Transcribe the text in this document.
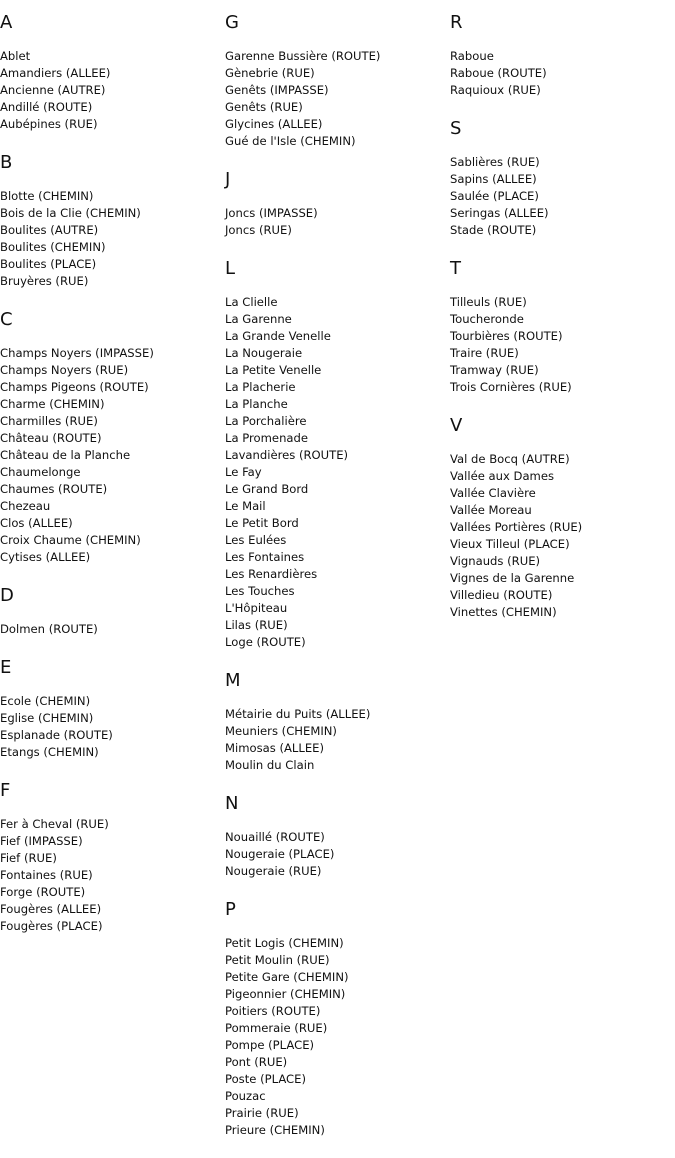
A
Ablet
Amandiers (ALLEE)
Ancienne (AUTRE)
Andillé (ROUTE)
Aubépines (RUE)
B
Blotte (CHEMIN)
Bois de la Clie (CHEMIN)
Boulites (AUTRE)
Boulites (CHEMIN)
Boulites (PLACE)
Bruyères (RUE)
C
Champs Noyers (IMPASSE)
Champs Noyers (RUE)
Champs Pigeons (ROUTE)
Charme (CHEMIN)
Charmilles (RUE)
Château (ROUTE)
Château de la Planche
Chaumelonge
Chaumes (ROUTE)
Chezeau
Clos (ALLEE)
Croix Chaume (CHEMIN)
Cytises (ALLEE)
D
Dolmen (ROUTE)
E
Ecole (CHEMIN)
Eglise (CHEMIN)
Esplanade (ROUTE)
Etangs (CHEMIN)
F
Fer à Cheval (RUE)
Fief (IMPASSE)
Fief (RUE)
Fontaines (RUE)
Forge (ROUTE)
Fougères (ALLEE)
Fougères (PLACE)
G
Garenne Bussière (ROUTE)
Gènebrie (RUE)
Genêts (IMPASSE)
Genêts (RUE)
Glycines (ALLEE)
Gué de l'Isle (CHEMIN)
J
Joncs (IMPASSE)
Joncs (RUE)
L
La Clielle
La Garenne
La Grande Venelle
La Nougeraie
La Petite Venelle
La Placherie
La Planche
La Porchalière
La Promenade
Lavandières (ROUTE)
Le Fay
Le Grand Bord
Le Mail
Le Petit Bord
Les Eulées
Les Fontaines
Les Renardières
Les Touches
L'Hôpiteau
Lilas (RUE)
Loge (ROUTE)
M
Métairie du Puits (ALLEE)
Meuniers (CHEMIN)
Mimosas (ALLEE)
Moulin du Clain
N
Nouaillé (ROUTE)
Nougeraie (PLACE)
Nougeraie (RUE)
P
Petit Logis (CHEMIN)
Petit Moulin (RUE)
Petite Gare (CHEMIN)
Pigeonnier (CHEMIN)
Poitiers (ROUTE)
Pommeraie (RUE)
Pompe (PLACE)
Pont (RUE)
Poste (PLACE)
Pouzac
Prairie (RUE)
Prieure (CHEMIN)
R
Raboue
Raboue (ROUTE)
Raquioux (RUE)
S
Sablières (RUE)
Sapins (ALLEE)
Saulée (PLACE)
Seringas (ALLEE)
Stade (ROUTE)
T
Tilleuls (RUE)
Toucheronde
Tourbières (ROUTE)
Traire (RUE)
Tramway (RUE)
Trois Cornières (RUE)
V
Val de Bocq (AUTRE)
Vallée aux Dames
Vallée Clavière
Vallée Moreau
Vallées Portières (RUE)
Vieux Tilleul (PLACE)
Vignauds (RUE)
Vignes de la Garenne
Villedieu (ROUTE)
Vinettes (CHEMIN)
